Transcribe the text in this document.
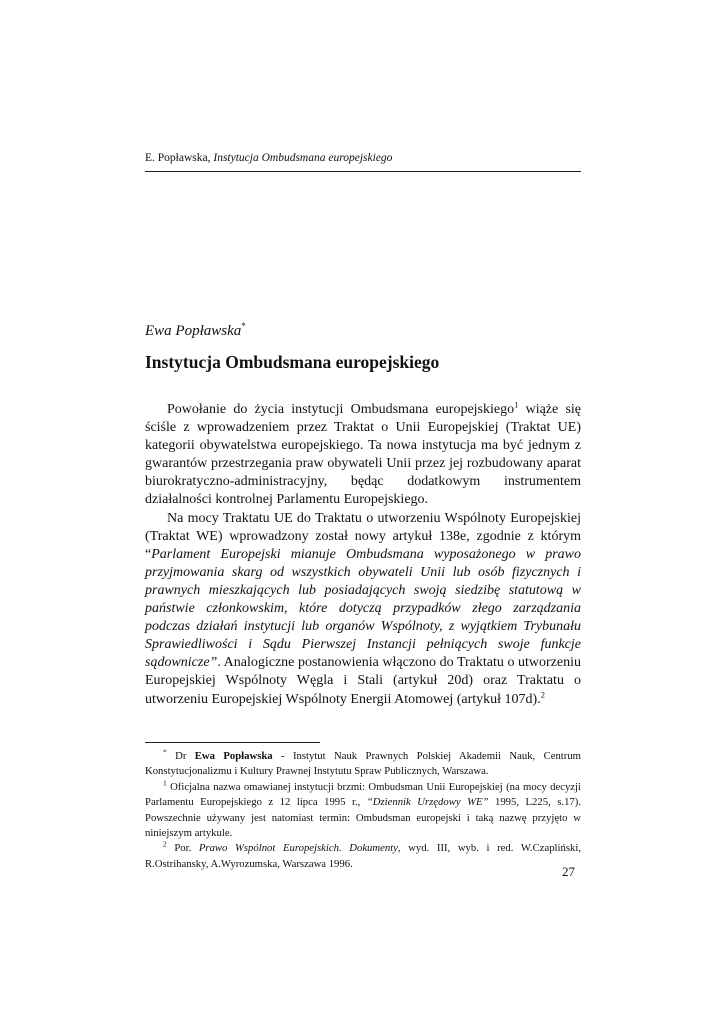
E. Popławska, Instytucja Ombudsmana europejskiego
Ewa Popławska*
Instytucja Ombudsmana europejskiego

Powołanie do życia instytucji Ombudsmana europejskiego$^1$ wiąże się ściśle z wprowadzeniem przez Traktat o Unii Europejskiej (Traktat UE) kategorii obywatelstwa europejskiego. Ta nowa instytucja ma być jednym z gwarantów przestrzegania praw obywateli Unii przez jej rozbudowany aparat biurokratyczno-administracyjny, będąc dodatkowym instrumentem działalności kontrolnej Parlamentu Europejskiego.

Na mocy Traktatu UE do Traktatu o utworzeniu Wspólnoty Europejskiej (Traktat WE) wprowadzony został nowy artykuł 138e, zgodnie z którym “Parlament Europejski mianuje Ombudsmana wyposażonego w prawo przyjmowania skarg od wszystkich obywateli Unii lub osób fizycznych i prawnych mieszkających lub posiadających swoją siedzibę statutową w państwie członkowskim, które dotyczą przypadków złego zarządzania podczas działań instytucji lub organów Wspólnoty, z wyjątkiem Trybunału Sprawiedliwości i Sądu Pierwszej Instancji pełniących swoje funkcje sądownicze”. Analogiczne postanowienia włączono do Traktatu o utworzeniu Europejskiej Wspólnoty Węgla i Stali (artykuł 20d) oraz Traktatu o utworzeniu Europejskiej Wspólnoty Energii Atomowej (artykuł 107d).$^2$

* Dr Ewa Popławska - Instytut Nauk Prawnych Polskiej Akademii Nauk, Centrum Konstytucjonalizmu i Kultury Prawnej Instytutu Spraw Publicznych, Warszawa.

$^1$ Oficjalna nazwa omawianej instytucji brzmi: Ombudsman Unii Europejskiej (na mocy decyzji Parlamentu Europejskiego z 12 lipca 1995 r., “Dziennik Urzędowy WE” 1995, L225, s.17). Powszechnie używany jest natomiast termin: Ombudsman europejski i taką nazwę przyjęto w niniejszym artykule.

$^2$ Por. Prawo Wspólnot Europejskich. Dokumenty, wyd. III, wyb. i red. W.Czapliński, R.Ostrihansky, A.Wyrozumska, Warszawa 1996.

27
